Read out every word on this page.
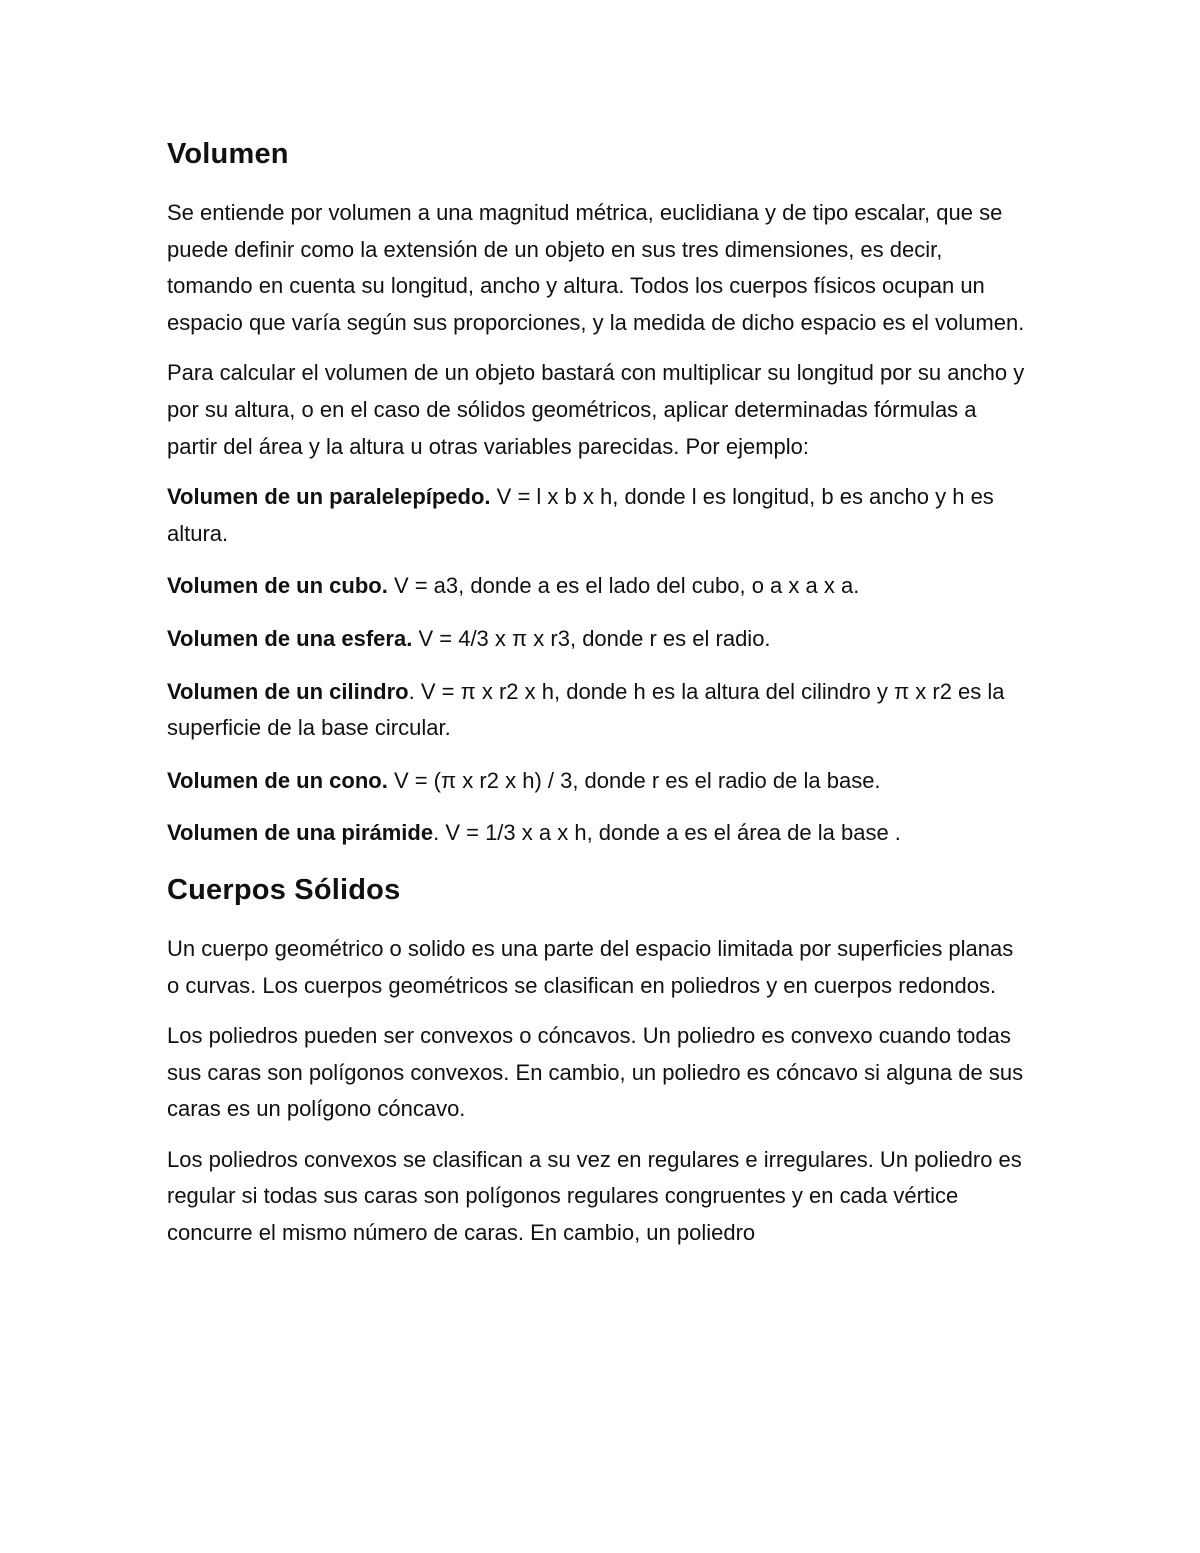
Volumen

Se entiende por volumen a una magnitud métrica, euclidiana y de tipo escalar, que se puede definir como la extensión de un objeto en sus tres dimensiones, es decir, tomando en cuenta su longitud, ancho y altura. Todos los cuerpos físicos ocupan un espacio que varía según sus proporciones, y la medida de dicho espacio es el volumen.

Para calcular el volumen de un objeto bastará con multiplicar su longitud por su ancho y por su altura, o en el caso de sólidos geométricos, aplicar determinadas fórmulas a partir del área y la altura u otras variables parecidas. Por ejemplo:

Volumen de un paralelepípedo. V = l x b x h, donde l es longitud, b es ancho y h es altura.

Volumen de un cubo. V = a3, donde a es el lado del cubo, o a x a x a.

Volumen de una esfera. V = 4/3 x π x r3, donde r es el radio.

Volumen de un cilindro. V = π x r2 x h, donde h es la altura del cilindro y π x r2 es la superficie de la base circular.

Volumen de un cono. V = (π x r2 x h) / 3, donde r es el radio de la base.

Volumen de una pirámide. V = 1/3 x a x h, donde a es el área de la base .

Cuerpos Sólidos

Un cuerpo geométrico o solido es una parte del espacio limitada por superficies planas o curvas. Los cuerpos geométricos se clasifican en poliedros y en cuerpos redondos.

Los poliedros pueden ser convexos o cóncavos. Un poliedro es convexo cuando todas sus caras son polígonos convexos. En cambio, un poliedro es cóncavo si alguna de sus caras es un polígono cóncavo.

Los poliedros convexos se clasifican a su vez en regulares e irregulares. Un poliedro es regular si todas sus caras son polígonos regulares congruentes y en cada vértice concurre el mismo número de caras. En cambio, un poliedro
